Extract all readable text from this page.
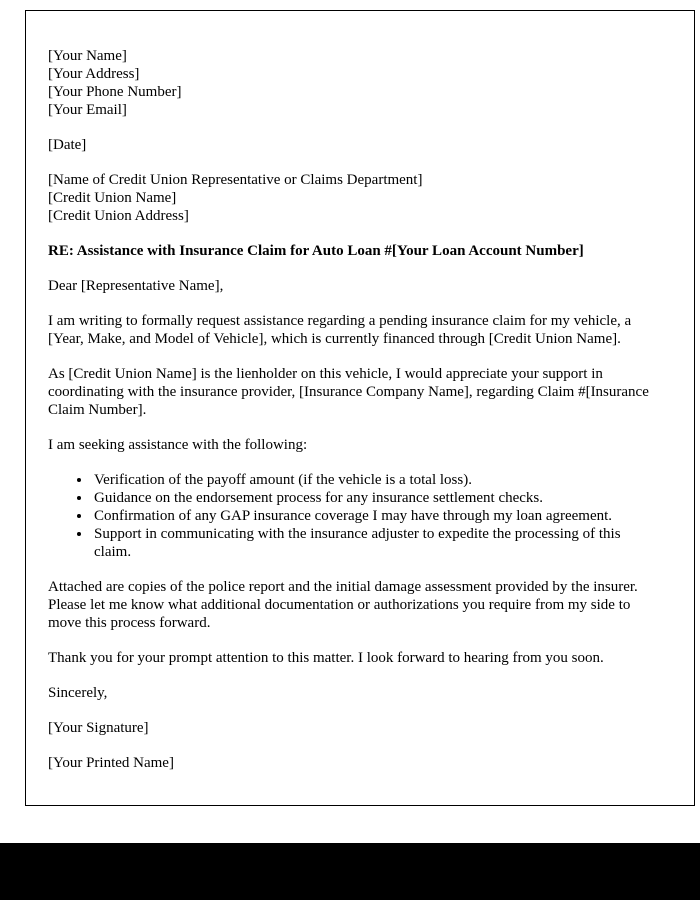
[Your Name]
[Your Address]
[Your Phone Number]
[Your Email]

[Date]

[Name of Credit Union Representative or Claims Department]
[Credit Union Name]
[Credit Union Address]

RE: Assistance with Insurance Claim for Auto Loan #[Your Loan Account Number]

Dear [Representative Name],

I am writing to formally request assistance regarding a pending insurance claim for my vehicle, a [Year, Make, and Model of Vehicle], which is currently financed through [Credit Union Name].

As [Credit Union Name] is the lienholder on this vehicle, I would appreciate your support in coordinating with the insurance provider, [Insurance Company Name], regarding Claim #[Insurance Claim Number].

I am seeking assistance with the following:

• Verification of the payoff amount (if the vehicle is a total loss).
• Guidance on the endorsement process for any insurance settlement checks.
• Confirmation of any GAP insurance coverage I may have through my loan agreement.
• Support in communicating with the insurance adjuster to expedite the processing of this claim.

Attached are copies of the police report and the initial damage assessment provided by the insurer. Please let me know what additional documentation or authorizations you require from my side to move this process forward.

Thank you for your prompt attention to this matter. I look forward to hearing from you soon.

Sincerely,

[Your Signature]

[Your Printed Name]
